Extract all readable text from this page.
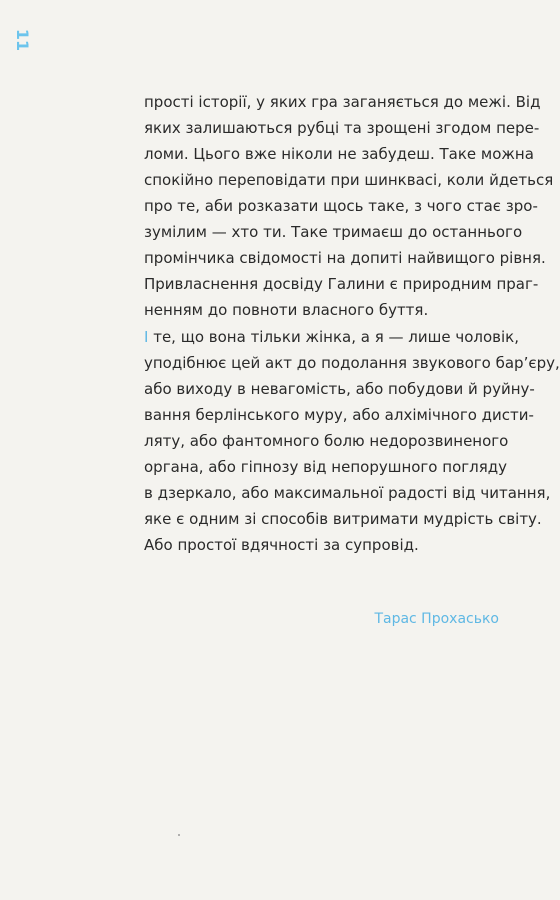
11
прості історії, у яких гра заганяється до межі. Від
яких залишаються рубці та зрощені згодом пере-
ломи. Цього вже ніколи не забудеш. Таке можна
спокійно переповідати при шинквасі, коли йдеться
про те, аби розказати щось таке, з чого стає зро-
зумілим — хто ти. Таке тримаєш до останнього
промінчика свідомості на допиті найвищого рівня.
Привласнення досвіду Галини є природним праг-
ненням до повноти власного буття.
І те, що вона тільки жінка, а я — лише чоловік,
уподібнює цей акт до подолання звукового бар’єру,
або виходу в невагомість, або побудови й руйну-
вання берлінського муру, або алхімічного дисти-
ляту, або фантомного болю недорозвиненого
органа, або гіпнозу від непорушного погляду
в дзеркало, або максимальної радості від читання,
яке є одним зі способів витримати мудрість світу.
Або простої вдячності за супровід.
Тарас Прохасько
